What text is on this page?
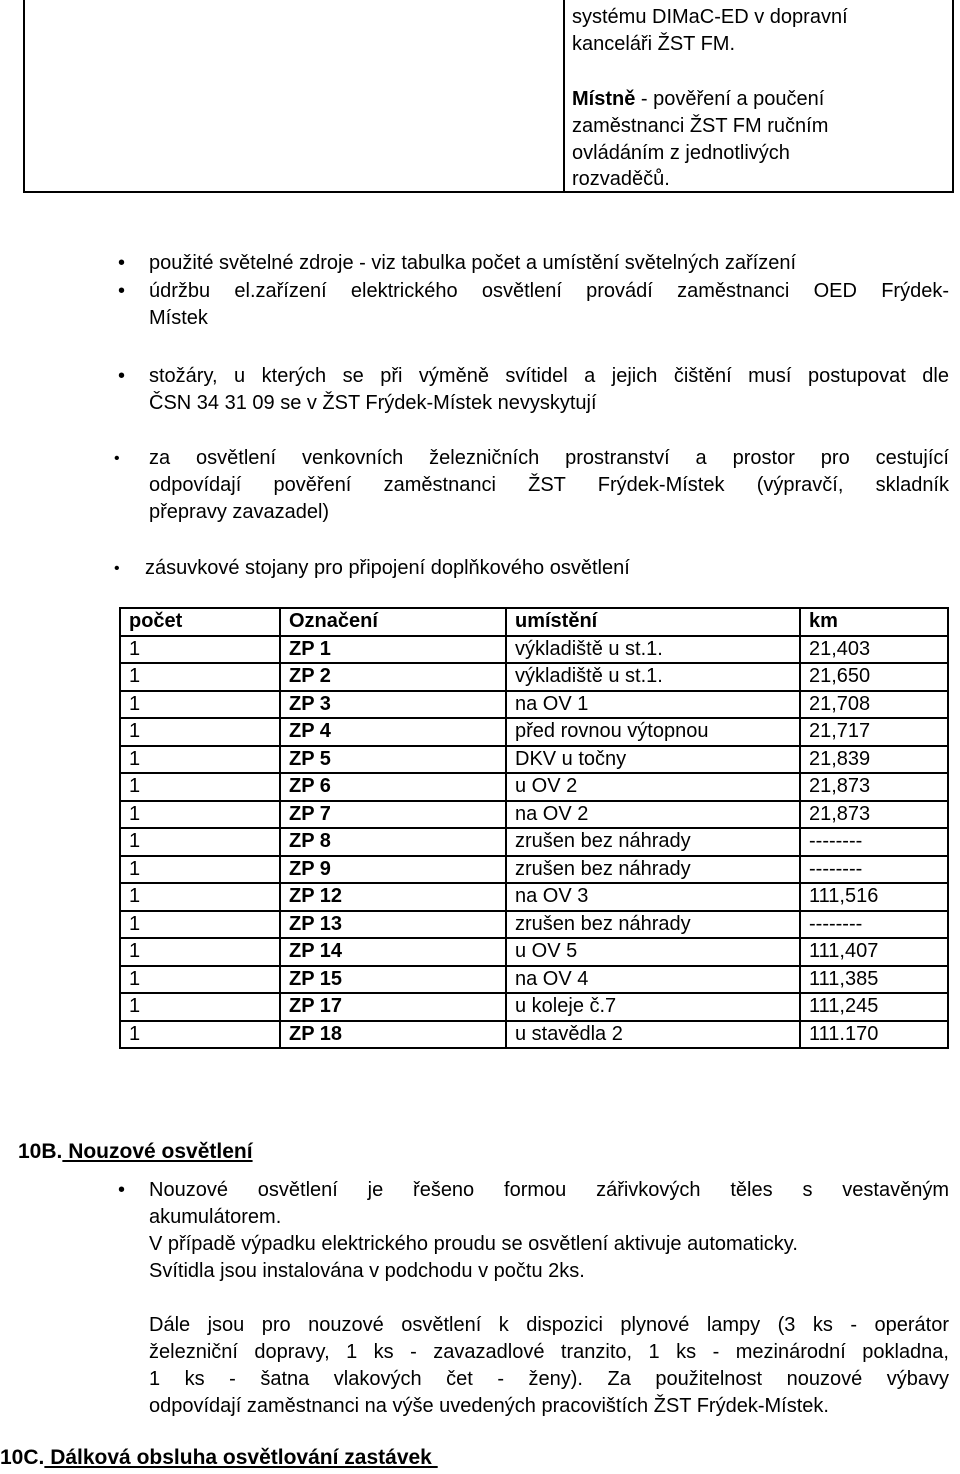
systému DIMaC-ED v dopravní
kanceláři ŽST FM.
Místně - pověření a poučení
zaměstnanci ŽST FM ručním
ovládáním z jednotlivých
rozvaděčů.
• použité světelné zdroje - viz tabulka počet a umístění světelných zařízení
• údržbu el.zařízení elektrického osvětlení provádí zaměstnanci OED Frýdek-
Místek
• stožáry, u kterých se při výměně svítidel a jejich čištění musí postupovat dle
ČSN 34 31 09 se v ŽST Frýdek-Místek nevyskytují
• za osvětlení venkovních železničních prostranství a prostor pro cestující
odpovídají pověření zaměstnanci ŽST Frýdek-Místek (výpravčí, skladník
přepravy zavazadel)
• zásuvkové stojany pro připojení doplňkového osvětlení
počet	Označení	umístění	km
1	ZP 1	výkladiště u st.1.	21,403
1	ZP 2	výkladiště u st.1.	21,650
1	ZP 3	na OV 1	21,708
1	ZP 4	před rovnou výtopnou	21,717
1	ZP 5	DKV u točny	21,839
1	ZP 6	u OV 2	21,873
1	ZP 7	na OV 2	21,873
1	ZP 8	zrušen bez náhrady	--------
1	ZP 9	zrušen bez náhrady	--------
1	ZP 12	na OV 3	111,516
1	ZP 13	zrušen bez náhrady	--------
1	ZP 14	u OV 5	111,407
1	ZP 15	na OV 4	111,385
1	ZP 17	u koleje č.7	111,245
1	ZP 18	u stavědla 2	111.170
10B. Nouzové osvětlení
• Nouzové osvětlení je řešeno formou zářivkových těles s vestavěným
akumulátorem.
V případě výpadku elektrického proudu se osvětlení aktivuje automaticky.
Svítidla jsou instalována v podchodu v počtu 2ks.
Dále jsou pro nouzové osvětlení k dispozici plynové lampy (3 ks - operátor
železniční dopravy, 1 ks - zavazadlové tranzito, 1 ks - mezinárodní pokladna,
1 ks - šatna vlakových čet - ženy). Za použitelnost nouzové výbavy
odpovídají zaměstnanci na výše uvedených pracovištích ŽST Frýdek-Místek.
10C. Dálková obsluha osvětlování zastávek
